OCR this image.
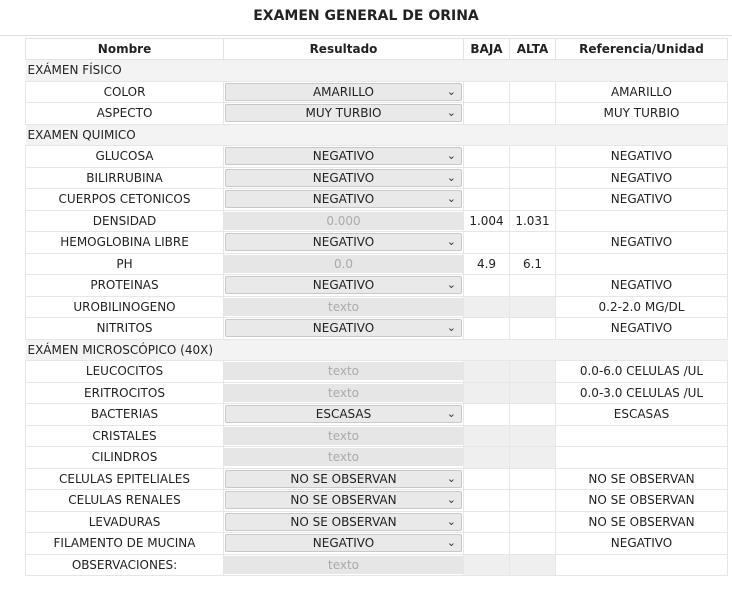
EXAMEN GENERAL DE ORINA
Nombre	Resultado	BAJA	ALTA	Referencia/Unidad
EXÁMEN FÍSICO				
COLOR	AMARILLO ⌄			AMARILLO
ASPECTO	MUY TURBIO ⌄			MUY TURBIO
EXAMEN QUIMICO				
GLUCOSA	NEGATIVO ⌄			NEGATIVO
BILIRRUBINA	NEGATIVO ⌄			NEGATIVO
CUERPOS CETONICOS	NEGATIVO ⌄			NEGATIVO
DENSIDAD	0.000	1.004	1.031	
HEMOGLOBINA LIBRE	NEGATIVO ⌄			NEGATIVO
PH	0.0	4.9	6.1	
PROTEINAS	NEGATIVO ⌄			NEGATIVO
UROBILINOGENO	texto			0.2-2.0 MG/DL
NITRITOS	NEGATIVO ⌄			NEGATIVO
EXÁMEN MICROSCÓPICO (40X)				
LEUCOCITOS	texto			0.0-6.0 CELULAS /UL
ERITROCITOS	texto			0.0-3.0 CELULAS /UL
BACTERIAS	ESCASAS ⌄			ESCASAS
CRISTALES	texto			

CILINDROS	texto			

CELULAS EPITELIALES	NO SE OBSERVAN ⌄			NO SE OBSERVAN
CELULAS RENALES	NO SE OBSERVAN ⌄			NO SE OBSERVAN
LEVADURAS	NO SE OBSERVAN ⌄			NO SE OBSERVAN
FILAMENTO DE MUCINA	NEGATIVO ⌄			NEGATIVO
OBSERVACIONES:	texto			
